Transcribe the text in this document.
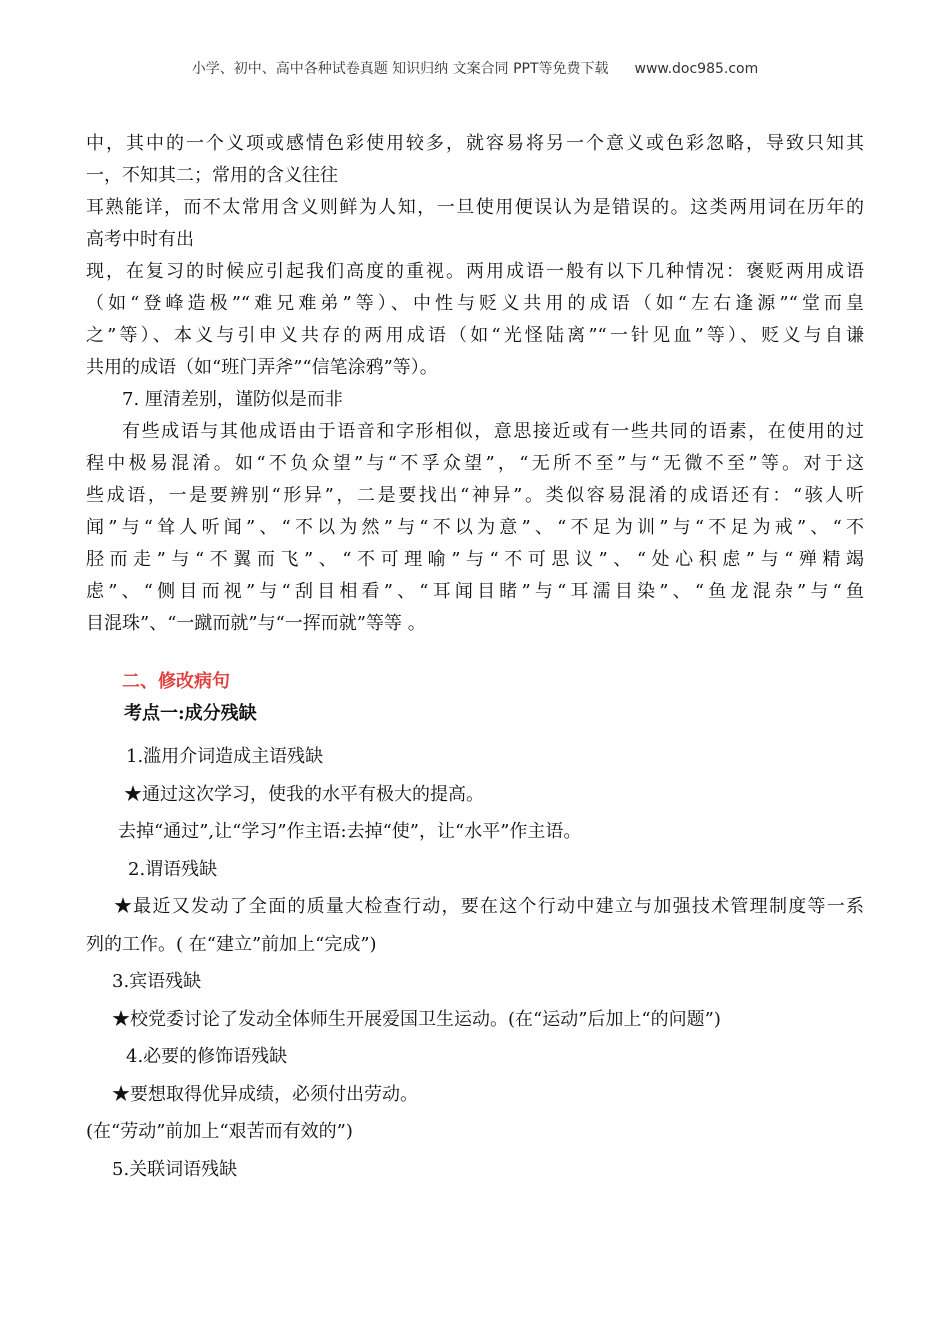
小学、初中、高中各种试卷真题 知识归纳 文案合同 PPT等免费下载 www.doc985.com
中，其中的一个义项或感情色彩使用较多，就容易将另一个意义或色彩忽略，导致只知其
一，不知其二；常用的含义往往
耳熟能详，而不太常用含义则鲜为人知，一旦使用便误认为是错误的。这类两用词在历年的
高考中时有出
现，在复习的时候应引起我们高度的重视。两用成语一般有以下几种情况：褒贬两用成语
（如“登峰造极”“难兄难弟”等）、中性与贬义共用的成语（如“左右逢源”“堂而皇
之”等）、本义与引申义共存的两用成语（如“光怪陆离”“一针见血”等）、贬义与自谦
共用的成语（如“班门弄斧”“信笔涂鸦”等）。
7. 厘清差别，谨防似是而非
有些成语与其他成语由于语音和字形相似，意思接近或有一些共同的语素，在使用的过
程中极易混淆。如“不负众望”与“不孚众望”，“无所不至”与“无微不至”等。对于这
些成语，一是要辨别“形异”，二是要找出“神异”。类似容易混淆的成语还有：“骇人听
闻”与“耸人听闻”、“不以为然”与“不以为意”、“不足为训”与“不足为戒”、“不
胫而走”与“不翼而飞”、“不可理喻”与“不可思议”、“处心积虑”与“殚精竭
虑”、“侧目而视”与“刮目相看”、“耳闻目睹”与“耳濡目染”、“鱼龙混杂”与“鱼
目混珠”、“一蹴而就”与“一挥而就”等等 。
二、修改病句
考点一:成分残缺
1.滥用介词造成主语残缺
★通过这次学习，使我的水平有极大的提高。
去掉“通过”,让“学习”作主语:去掉“使”，让“水平”作主语。
2.谓语残缺
★最近又发动了全面的质量大检查行动，要在这个行动中建立与加强技术管理制度等一系
列的工作。( 在“建立”前加上“完成”)
3.宾语残缺
★校党委讨论了发动全体师生开展爱国卫生运动。(在“运动”后加上“的问题”)
4.必要的修饰语残缺
★要想取得优异成绩，必须付出劳动。
(在“劳动”前加上“艰苦而有效的”)
5.关联词语残缺
